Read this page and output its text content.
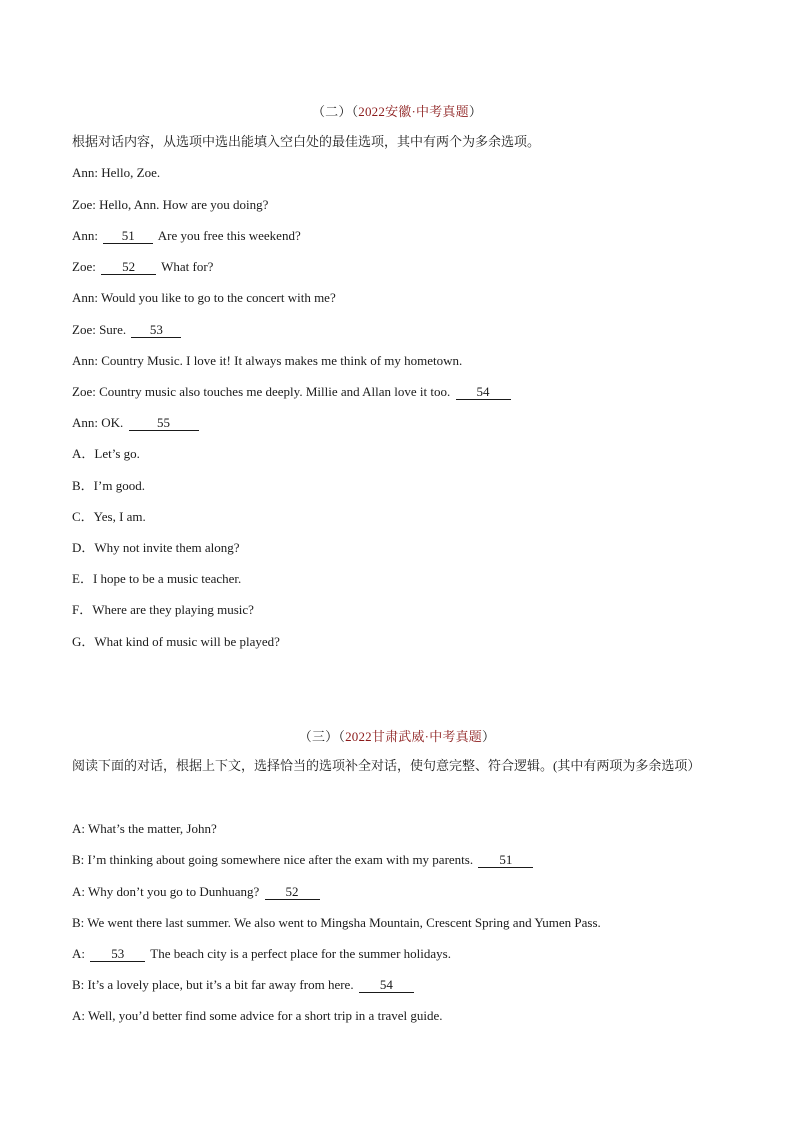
（二）（2022安徽·中考真题）
根据对话内容，从选项中选出能填入空白处的最佳选项，其中有两个为多余选项。
Ann: Hello, Zoe.
Zoe: Hello, Ann. How are you doing?
Ann: 51 Are you free this weekend?
Zoe: 52 What for?
Ann: Would you like to go to the concert with me?
Zoe: Sure. 53
Ann: Country Music. I love it! It always makes me think of my hometown.
Zoe: Country music also touches me deeply. Millie and Allan love it too. 54
Ann: OK. 55
A．Let’s go.
B．I’m good.
C．Yes, I am.
D．Why not invite them along?
E．I hope to be a music teacher.
F．Where are they playing music?
G．What kind of music will be played?
（三）（2022甘肃武威·中考真题）
阅读下面的对话，根据上下文，选择恰当的选项补全对话，使句意完整、符合逻辑。(其中有两项为多余选项）
A: What’s the matter, John?
B: I’m thinking about going somewhere nice after the exam with my parents. 51
A: Why don’t you go to Dunhuang? 52
B: We went there last summer. We also went to Mingsha Mountain, Crescent Spring and Yumen Pass.
A: 53 The beach city is a perfect place for the summer holidays.
B: It’s a lovely place, but it’s a bit far away from here. 54
A: Well, you’d better find some advice for a short trip in a travel guide.
